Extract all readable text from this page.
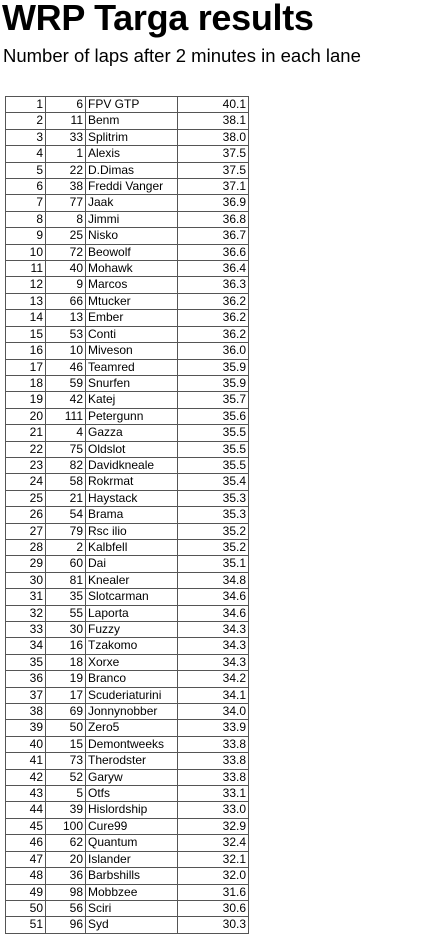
WRP Targa results
Number of laps after 2 minutes in each lane
1	6	FPV GTP	40.1
2	11	Benm	38.1
3	33	Splitrim	38.0
4	1	Alexis	37.5
5	22	D.Dimas	37.5
6	38	Freddi Vanger	37.1
7	77	Jaak	36.9
8	8	Jimmi	36.8
9	25	Nisko	36.7
10	72	Beowolf	36.6
11	40	Mohawk	36.4
12	9	Marcos	36.3
13	66	Mtucker	36.2
14	13	Ember	36.2
15	53	Conti	36.2
16	10	Miveson	36.0
17	46	Teamred	35.9
18	59	Snurfen	35.9
19	42	Katej	35.7
20	111	Petergunn	35.6
21	4	Gazza	35.5
22	75	Oldslot	35.5
23	82	Davidkneale	35.5
24	58	Rokrmat	35.4
25	21	Haystack	35.3
26	54	Brama	35.3
27	79	Rsc ilio	35.2
28	2	Kalbfell	35.2
29	60	Dai	35.1
30	81	Knealer	34.8
31	35	Slotcarman	34.6
32	55	Laporta	34.6
33	30	Fuzzy	34.3
34	16	Tzakomo	34.3
35	18	Xorxe	34.3
36	19	Branco	34.2
37	17	Scuderiaturini	34.1
38	69	Jonnynobber	34.0
39	50	Zero5	33.9
40	15	Demontweeks	33.8
41	73	Therodster	33.8
42	52	Garyw	33.8
43	5	Otfs	33.1
44	39	Hislordship	33.0
45	100	Cure99	32.9
46	62	Quantum	32.4
47	20	Islander	32.1
48	36	Barbshills	32.0
49	98	Mobbzee	31.6
50	56	Sciri	30.6
51	96	Syd	30.3
